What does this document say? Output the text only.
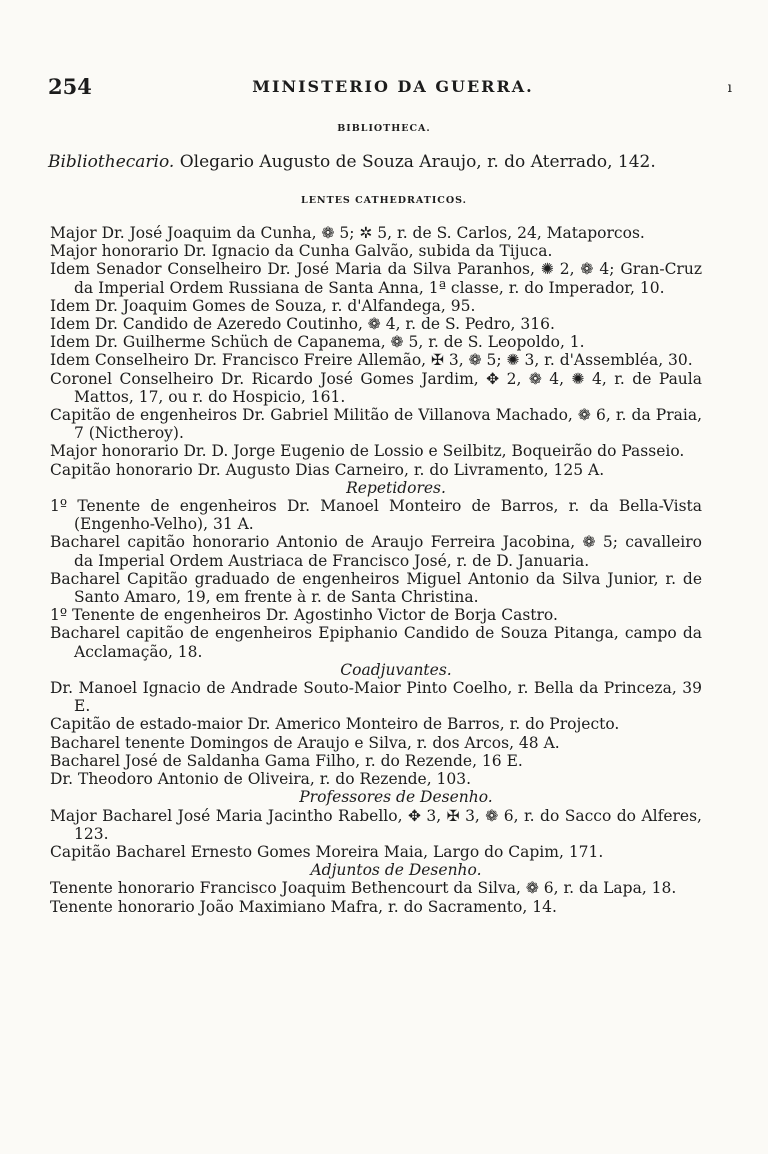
254	MINISTERIO DA GUERRA.	ı
BIBLIOTHECA.
Bibliothecario. Olegario Augusto de Souza Araujo, r. do Aterrado, 142.
LENTES CATHEDRATICOS.
Major Dr. José Joaquim da Cunha, ❁ 5; ✲ 5, r. de S. Carlos, 24, Mataporcos.
Major honorario Dr. Ignacio da Cunha Galvão, subida da Tijuca.
Idem Senador Conselheiro Dr. José Maria da Silva Paranhos, ✺ 2, ❁ 4; Gran-Cruz da Imperial Ordem Russiana de Santa Anna, 1ª classe, r. do Imperador, 10.
Idem Dr. Joaquim Gomes de Souza, r. d'Alfandega, 95.
Idem Dr. Candido de Azeredo Coutinho, ❁ 4, r. de S. Pedro, 316.
Idem Dr. Guilherme Schüch de Capanema, ❁ 5, r. de S. Leopoldo, 1.
Idem Conselheiro Dr. Francisco Freire Allemão, ✠ 3, ❁ 5; ✺ 3, r. d'Assembléa, 30.
Coronel Conselheiro Dr. Ricardo José Gomes Jardim, ✥ 2, ❁ 4, ✺ 4, r. de Paula Mattos, 17, ou r. do Hospicio, 161.
Capitão de engenheiros Dr. Gabriel Militão de Villanova Machado, ❁ 6, r. da Praia, 7 (Nictheroy).
Major honorario Dr. D. Jorge Eugenio de Lossio e Seilbitz, Boqueirão do Passeio.
Capitão honorario Dr. Augusto Dias Carneiro, r. do Livramento, 125 A.
Repetidores.
1º Tenente de engenheiros Dr. Manoel Monteiro de Barros, r. da Bella-Vista (Engenho-Velho), 31 A.
Bacharel capitão honorario Antonio de Araujo Ferreira Jacobina, ❁ 5; cavalleiro da Imperial Ordem Austriaca de Francisco José, r. de D. Januaria.
Bacharel Capitão graduado de engenheiros Miguel Antonio da Silva Junior, r. de Santo Amaro, 19, em frente à r. de Santa Christina.
1º Tenente de engenheiros Dr. Agostinho Victor de Borja Castro.
Bacharel capitão de engenheiros Epiphanio Candido de Souza Pitanga, campo da Acclamação, 18.
Coadjuvantes.
Dr. Manoel Ignacio de Andrade Souto-Maior Pinto Coelho, r. Bella da Princeza, 39 E.
Capitão de estado-maior Dr. Americo Monteiro de Barros, r. do Projecto.
Bacharel tenente Domingos de Araujo e Silva, r. dos Arcos, 48 A.
Bacharel José de Saldanha Gama Filho, r. do Rezende, 16 E.
Dr. Theodoro Antonio de Oliveira, r. do Rezende, 103.
Professores de Desenho.
Major Bacharel José Maria Jacintho Rabello, ✥ 3, ✠ 3, ❁ 6, r. do Sacco do Alferes, 123.
Capitão Bacharel Ernesto Gomes Moreira Maia, Largo do Capim, 171.
Adjuntos de Desenho.
Tenente honorario Francisco Joaquim Bethencourt da Silva, ❁ 6, r. da Lapa, 18.
Tenente honorario João Maximiano Mafra, r. do Sacramento, 14.
